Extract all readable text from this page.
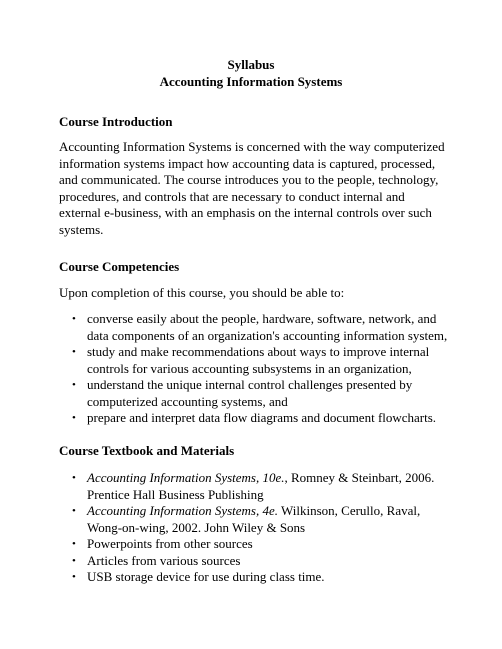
Syllabus
Accounting Information Systems
Course Introduction
Accounting Information Systems is concerned with the way computerized information systems impact how accounting data is captured, processed, and communicated. The course introduces you to the people, technology, procedures, and controls that are necessary to conduct internal and external e-business, with an emphasis on the internal controls over such systems.
Course Competencies
Upon completion of this course, you should be able to:
• converse easily about the people, hardware, software, network, and data components of an organization's accounting information system,
• study and make recommendations about ways to improve internal controls for various accounting subsystems in an organization,
• understand the unique internal control challenges presented by computerized accounting systems, and
• prepare and interpret data flow diagrams and document flowcharts.
Course Textbook and Materials
• Accounting Information Systems, 10e., Romney & Steinbart, 2006. Prentice Hall Business Publishing
• Accounting Information Systems, 4e. Wilkinson, Cerullo, Raval, Wong-on-wing, 2002. John Wiley & Sons
• Powerpoints from other sources
• Articles from various sources
• USB storage device for use during class time.
